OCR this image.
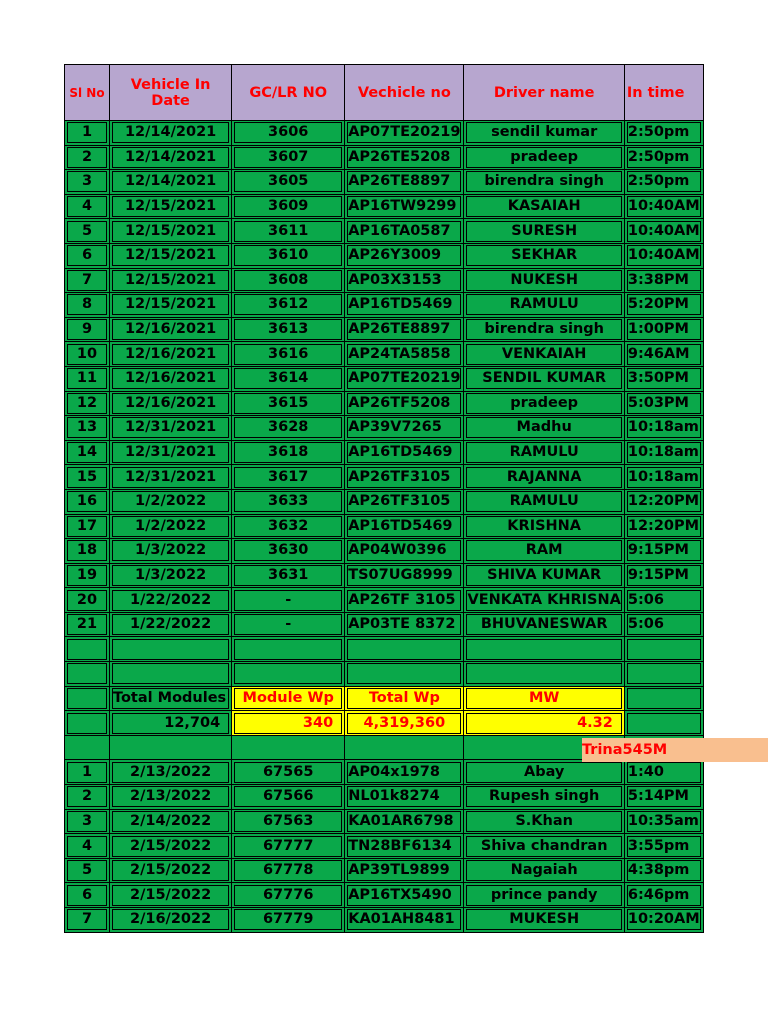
Sl No	Vehicle In Date	GC/LR NO	Vechicle no	Driver name	In time

1	12/14/2021	3606	AP07TE20219	sendil kumar	2:50pm

2	12/14/2021	3607	AP26TE5208	pradeep	2:50pm

3	12/14/2021	3605	AP26TE8897	birendra singh	2:50pm

4	12/15/2021	3609	AP16TW9299	KASAIAH	10:40AM

5	12/15/2021	3611	AP16TA0587	SURESH	10:40AM

6	12/15/2021	3610	AP26Y3009	SEKHAR	10:40AM

7	12/15/2021	3608	AP03X3153	NUKESH	3:38PM

8	12/15/2021	3612	AP16TD5469	RAMULU	5:20PM

9	12/16/2021	3613	AP26TE8897	birendra singh	1:00PM

10	12/16/2021	3616	AP24TA5858	VENKAIAH	9:46AM

11	12/16/2021	3614	AP07TE20219	SENDIL KUMAR	3:50PM

12	12/16/2021	3615	AP26TF5208	pradeep	5:03PM

13	12/31/2021	3628	AP39V7265	Madhu	10:18am

14	12/31/2021	3618	AP16TD5469	RAMULU	10:18am

15	12/31/2021	3617	AP26TF3105	RAJANNA	10:18am

16	1/2/2022	3633	AP26TF3105	RAMULU	12:20PM

17	1/2/2022	3632	AP16TD5469	KRISHNA	12:20PM

18	1/3/2022	3630	AP04W0396	RAM	9:15PM

19	1/3/2022	3631	TS07UG8999	SHIVA KUMAR	9:15PM

20	1/22/2022	-	AP26TF 3105	VENKATA KHRISNA	5:06

21	1/22/2022	-	AP03TE 8372	BHUVANESWAR	5:06

	Total Modules	Module Wp	Total Wp	MW	

	12,704	340	4,319,360	4.32	

1	2/13/2022	67565	AP04x1978	Abay	1:40

2	2/13/2022	67566	NL01k8274	Rupesh singh	5:14PM

3	2/14/2022	67563	KA01AR6798	S.Khan	10:35am

4	2/15/2022	67777	TN28BF6134	Shiva chandran	3:55pm

5	2/15/2022	67778	AP39TL9899	Nagaiah	4:38pm

6	2/15/2022	67776	AP16TX5490	prince pandy	6:46pm

7	2/16/2022	67779	KA01AH8481	MUKESH	10:20AM
Trina545M
